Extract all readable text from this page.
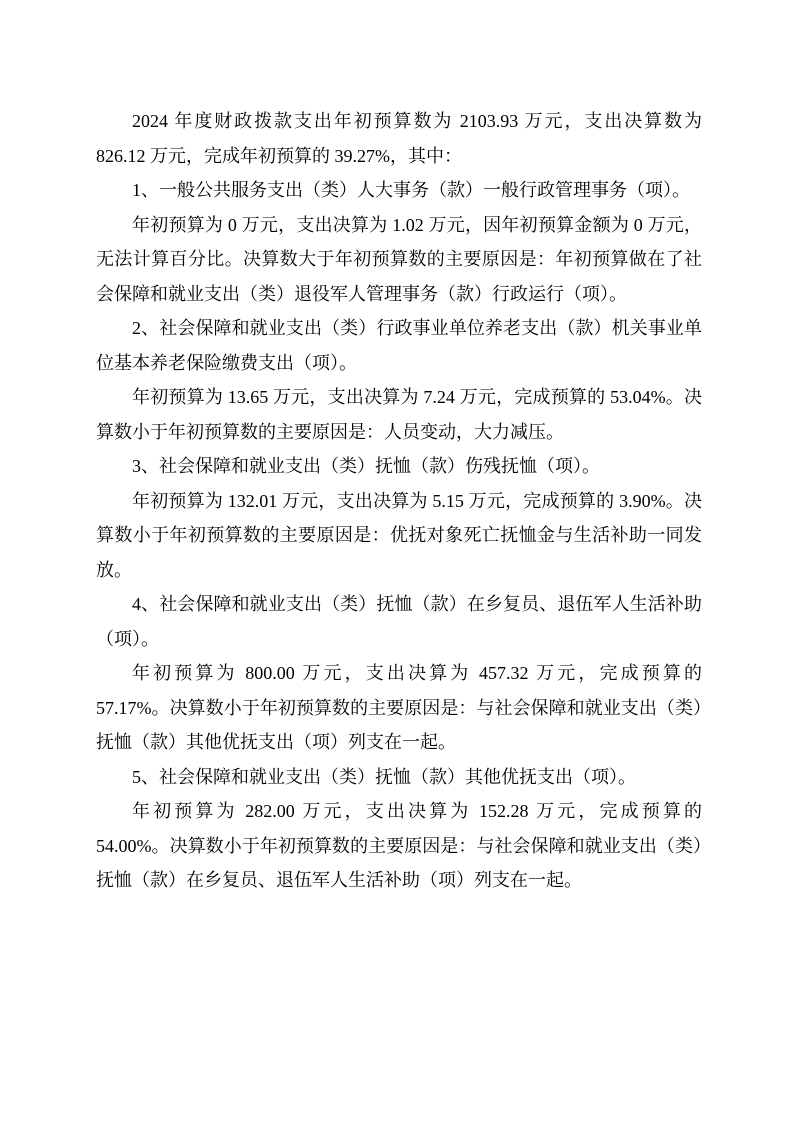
2024 年度财政拨款支出年初预算数为 2103.93 万元，支出决算数为 826.12 万元，完成年初预算的 39.27%，其中：

1、一般公共服务支出（类）人大事务（款）一般行政管理事务（项）。

年初预算为 0 万元，支出决算为 1.02 万元，因年初预算金额为 0 万元，无法计算百分比。决算数大于年初预算数的主要原因是：年初预算做在了社会保障和就业支出（类）退役军人管理事务（款）行政运行（项）。

2、社会保障和就业支出（类）行政事业单位养老支出（款）机关事业单位基本养老保险缴费支出（项）。

年初预算为 13.65 万元，支出决算为 7.24 万元，完成预算的 53.04%。决算数小于年初预算数的主要原因是：人员变动，大力减压。

3、社会保障和就业支出（类）抚恤（款）伤残抚恤（项）。

年初预算为 132.01 万元，支出决算为 5.15 万元，完成预算的 3.90%。决算数小于年初预算数的主要原因是：优抚对象死亡抚恤金与生活补助一同发放。

4、社会保障和就业支出（类）抚恤（款）在乡复员、退伍军人生活补助（项）。

年初预算为 800.00 万元，支出决算为 457.32 万元，完成预算的 57.17%。决算数小于年初预算数的主要原因是：与社会保障和就业支出（类）抚恤（款）其他优抚支出（项）列支在一起。

5、社会保障和就业支出（类）抚恤（款）其他优抚支出（项）。

年初预算为 282.00 万元，支出决算为 152.28 万元，完成预算的 54.00%。决算数小于年初预算数的主要原因是：与社会保障和就业支出（类）抚恤（款）在乡复员、退伍军人生活补助（项）列支在一起。
